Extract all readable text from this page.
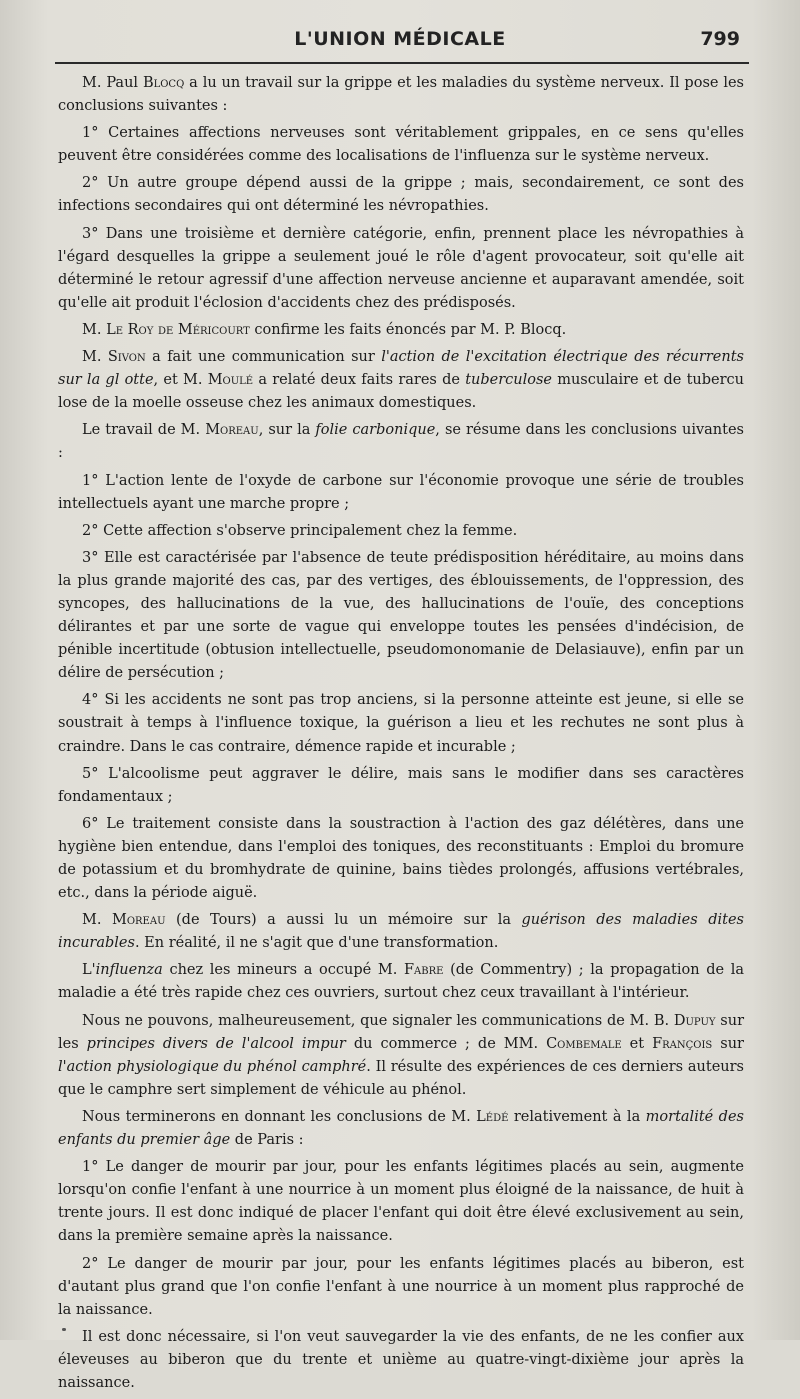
L'UNION MÉDICALE	799

M. Paul Blocq a lu un travail sur la grippe et les maladies du système nerveux. Il pose les conclusions suivantes :

1° Certaines affections nerveuses sont véritablement grippales, en ce sens qu'elles peuvent être considérées comme des localisations de l'influenza sur le système nerveux.

2° Un autre groupe dépend aussi de la grippe ; mais, secondairement, ce sont des infections secondaires qui ont déterminé les névropathies.

3° Dans une troisième et dernière catégorie, enfin, prennent place les névropathies à l'égard desquelles la grippe a seulement joué le rôle d'agent provocateur, soit qu'elle ait déterminé le retour agressif d'une affection nerveuse ancienne et auparavant amendée, soit qu'elle ait produit l'éclosion d'accidents chez des prédisposés.

M. Le Roy de Méricourt confirme les faits énoncés par M. P. Blocq.

M. Sivon a fait une communication sur l'action de l'excitation électrique des récurrents sur la gl otte, et M. Moulé a relaté deux faits rares de tuberculose musculaire et de tubercu lose de la moelle osseuse chez les animaux domestiques.

Le travail de M. Moreau, sur la folie carbonique, se résume dans les conclusions uivantes :

1° L'action lente de l'oxyde de carbone sur l'économie provoque une série de troubles intellectuels ayant une marche propre ;

2° Cette affection s'observe principalement chez la femme.

3° Elle est caractérisée par l'absence de teute prédisposition héréditaire, au moins dans la plus grande majorité des cas, par des vertiges, des éblouissements, de l'oppression, des syncopes, des hallucinations de la vue, des hallucinations de l'ouïe, des conceptions délirantes et par une sorte de vague qui enveloppe toutes les pensées d'indécision, de pénible incertitude (obtusion intellectuelle, pseudomonomanie de Delasiauve), enfin par un délire de persécution ;

4° Si les accidents ne sont pas trop anciens, si la personne atteinte est jeune, si elle se soustrait à temps à l'influence toxique, la guérison a lieu et les rechutes ne sont plus à craindre. Dans le cas contraire, démence rapide et incurable ;

5° L'alcoolisme peut aggraver le délire, mais sans le modifier dans ses caractères fondamentaux ;

6° Le traitement consiste dans la soustraction à l'action des gaz délétères, dans une hygiène bien entendue, dans l'emploi des toniques, des reconstituants : Emploi du bromure de potassium et du bromhydrate de quinine, bains tièdes prolongés, affusions vertébrales, etc., dans la période aiguë.

M. Moreau (de Tours) a aussi lu un mémoire sur la guérison des maladies dites incurables. En réalité, il ne s'agit que d'une transformation.

L'influenza chez les mineurs a occupé M. Fabre (de Commentry) ; la propagation de la maladie a été très rapide chez ces ouvriers, surtout chez ceux travaillant à l'intérieur.

Nous ne pouvons, malheureusement, que signaler les communications de M. B. Dupuy sur les principes divers de l'alcool impur du commerce ; de MM. Combemale et François sur l'action physiologique du phénol camphré. Il résulte des expériences de ces derniers auteurs que le camphre sert simplement de véhicule au phénol.

Nous terminerons en donnant les conclusions de M. Lédé relativement à la mortalité des enfants du premier âge de Paris :

1° Le danger de mourir par jour, pour les enfants légitimes placés au sein, augmente lorsqu'on confie l'enfant à une nourrice à un moment plus éloigné de la naissance, de huit à trente jours. Il est donc indiqué de placer l'enfant qui doit être élevé exclusivement au sein, dans la première semaine après la naissance.

2° Le danger de mourir par jour, pour les enfants légitimes placés au biberon, est d'autant plus grand que l'on confie l'enfant à une nourrice à un moment plus rapproché de la naissance.

Il est donc nécessaire, si l'on veut sauvegarder la vie des enfants, de ne les confier aux éleveuses au biberon que du trente et unième au quatre-vingt-dixième jour après la naissance.
